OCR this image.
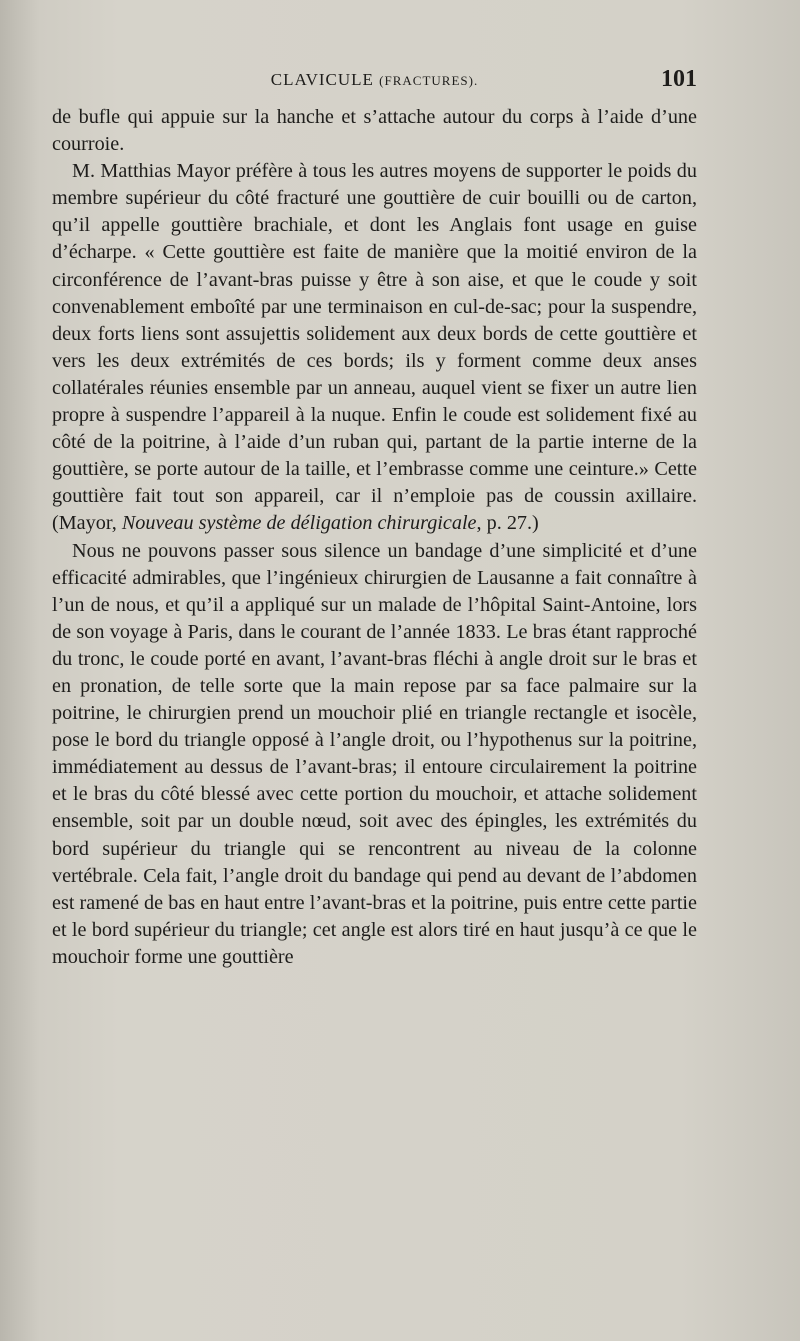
CLAVICULE (FRACTURES).	101

de bufle qui appuie sur la hanche et s’attache autour du corps à l’aide d’une courroie.

M. Matthias Mayor préfère à tous les autres moyens de supporter le poids du membre supérieur du côté fracturé une gouttière de cuir bouilli ou de carton, qu’il appelle gouttière brachiale, et dont les Anglais font usage en guise d’écharpe. « Cette gouttière est faite de manière que la moitié environ de la circonférence de l’avant-bras puisse y être à son aise, et que le coude y soit convenablement emboîté par une terminaison en cul-de-sac; pour la suspendre, deux forts liens sont assujettis solidement aux deux bords de cette gouttière et vers les deux extrémités de ces bords; ils y forment comme deux anses collatérales réunies ensemble par un anneau, auquel vient se fixer un autre lien propre à suspendre l’appareil à la nuque. Enfin le coude est solidement fixé au côté de la poitrine, à l’aide d’un ruban qui, partant de la partie interne de la gouttière, se porte autour de la taille, et l’embrasse comme une ceinture.» Cette gouttière fait tout son appareil, car il n’emploie pas de coussin axillaire. (Mayor, Nouveau système de déligation chirurgicale, p. 27.)

Nous ne pouvons passer sous silence un bandage d’une simplicité et d’une efficacité admirables, que l’ingénieux chirurgien de Lausanne a fait connaître à l’un de nous, et qu’il a appliqué sur un malade de l’hôpital Saint-Antoine, lors de son voyage à Paris, dans le courant de l’année 1833. Le bras étant rapproché du tronc, le coude porté en avant, l’avant-bras fléchi à angle droit sur le bras et en pronation, de telle sorte que la main repose par sa face palmaire sur la poitrine, le chirurgien prend un mouchoir plié en triangle rectangle et isocèle, pose le bord du triangle opposé à l’angle droit, ou l’hypothenus sur la poitrine, immédiatement au dessus de l’avant-bras; il entoure circulairement la poitrine et le bras du côté blessé avec cette portion du mouchoir, et attache solidement ensemble, soit par un double nœud, soit avec des épingles, les extrémités du bord supérieur du triangle qui se rencontrent au niveau de la colonne vertébrale. Cela fait, l’angle droit du bandage qui pend au devant de l’abdomen est ramené de bas en haut entre l’avant-bras et la poitrine, puis entre cette partie et le bord supérieur du triangle; cet angle est alors tiré en haut jusqu’à ce que le mouchoir forme une gouttière
